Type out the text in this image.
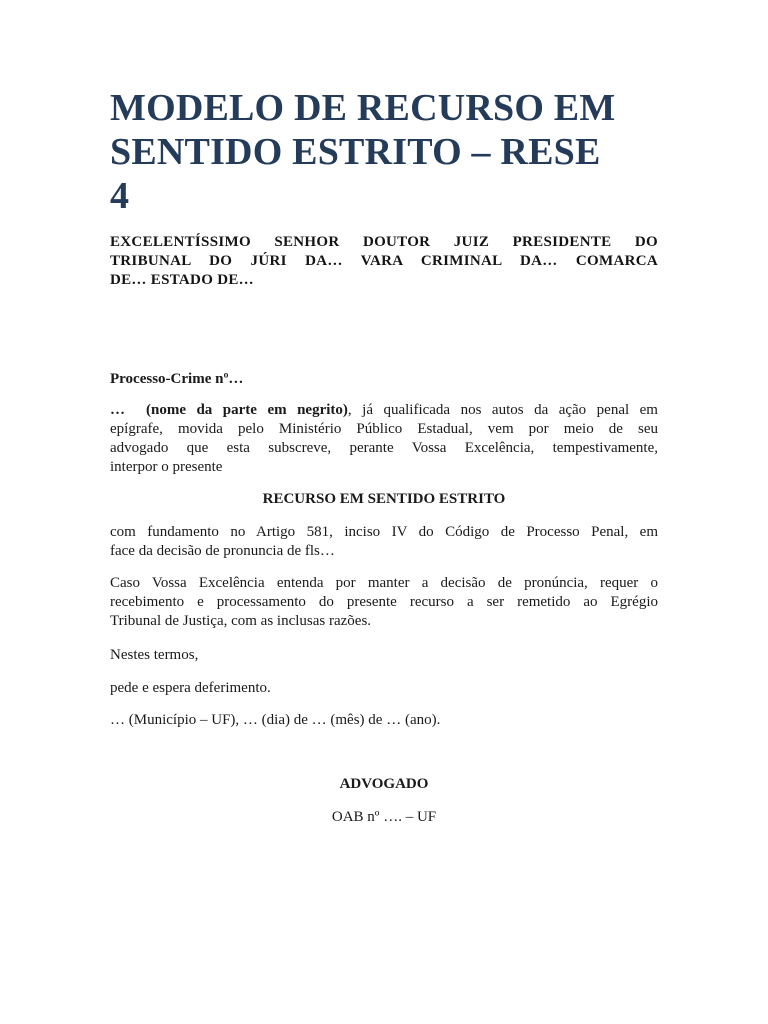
MODELO DE RECURSO EM
SENTIDO ESTRITO – RESE
4

EXCELENTÍSSIMO SENHOR DOUTOR JUIZ PRESIDENTE DO
TRIBUNAL DO JÚRI DA… VARA CRIMINAL DA… COMARCA
DE… ESTADO DE…

Processo-Crime nº…

… (nome da parte em negrito), já qualificada nos autos da ação penal em
epígrafe, movida pelo Ministério Público Estadual, vem por meio de seu
advogado que esta subscreve, perante Vossa Excelência, tempestivamente,
interpor o presente

RECURSO EM SENTIDO ESTRITO

com fundamento no Artigo 581, inciso IV do Código de Processo Penal, em
face da decisão de pronuncia de fls…

Caso Vossa Excelência entenda por manter a decisão de pronúncia, requer o
recebimento e processamento do presente recurso a ser remetido ao Egrégio
Tribunal de Justiça, com as inclusas razões.

Nestes termos,

pede e espera deferimento.

… (Município – UF), … (dia) de … (mês) de … (ano).

ADVOGADO

OAB nº …. – UF
